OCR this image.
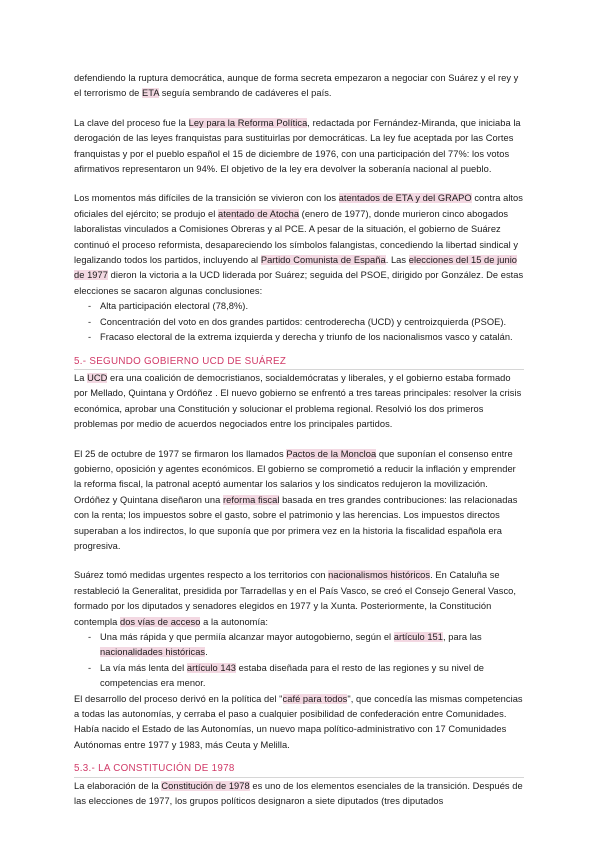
defendiendo la ruptura democrática, aunque de forma secreta empezaron a negociar con Suárez y el rey y el terrorismo de ETA seguía sembrando de cadáveres el país.

La clave del proceso fue la Ley para la Reforma Política, redactada por Fernández-Miranda, que iniciaba la derogación de las leyes franquistas para sustituirlas por democráticas. La ley fue aceptada por las Cortes franquistas y por el pueblo español el 15 de diciembre de 1976, con una participación del 77%: los votos afirmativos representaron un 94%. El objetivo de la ley era devolver la soberanía nacional al pueblo.

Los momentos más difíciles de la transición se vivieron con los atentados de ETA y del GRAPO contra altos oficiales del ejército; se produjo el atentado de Atocha (enero de 1977), donde murieron cinco abogados laboralistas vinculados a Comisiones Obreras y al PCE. A pesar de la situación, el gobierno de Suárez continuó el proceso reformista, desapareciendo los símbolos falangistas, concediendo la libertad sindical y legalizando todos los partidos, incluyendo al Partido Comunista de España. Las elecciones del 15 de junio de 1977 dieron la victoria a la UCD liderada por Suárez; seguida del PSOE, dirigido por González. De estas elecciones se sacaron algunas conclusiones:

- Alta participación electoral (78,8%).
- Concentración del voto en dos grandes partidos: centroderecha (UCD) y centroizquierda (PSOE).
- Fracaso electoral de la extrema izquierda y derecha y triunfo de los nacionalismos vasco y catalán.
5.- SEGUNDO GOBIERNO UCD DE SUÁREZ

La UCD era una coalición de democristianos, socialdemócratas y liberales, y el gobierno estaba formado por Mellado, Quintana y Ordóñez . El nuevo gobierno se enfrentó a tres tareas principales: resolver la crisis económica, aprobar una Constitución y solucionar el problema regional. Resolvió los dos primeros problemas por medio de acuerdos negociados entre los principales partidos.

El 25 de octubre de 1977 se firmaron los llamados Pactos de la Moncloa que suponían el consenso entre gobierno, oposición y agentes económicos. El gobierno se comprometió a reducir la inflación y emprender la reforma fiscal, la patronal aceptó aumentar los salarios y los sindicatos redujeron la movilización. Ordóñez y Quintana diseñaron una reforma fiscal basada en tres grandes contribuciones: las relacionadas con la renta; los impuestos sobre el gasto, sobre el patrimonio y las herencias. Los impuestos directos superaban a los indirectos, lo que suponía que por primera vez en la historia la fiscalidad española era progresiva.

Suárez tomó medidas urgentes respecto a los territorios con nacionalismos históricos. En Cataluña se restableció la Generalitat, presidida por Tarradellas y en el País Vasco, se creó el Consejo General Vasco, formado por los diputados y senadores elegidos en 1977 y la Xunta. Posteriormente, la Constitución contempla dos vías de acceso a la autonomía:

- Una más rápida y que permiía alcanzar mayor autogobierno, según el artículo 151, para las nacionalidades históricas.
- La vía más lenta del artículo 143 estaba diseñada para el resto de las regiones y su nivel de competencias era menor.

El desarrollo del proceso derivó en la política del "café para todos", que concedía las mismas competencias a todas las autonomías, y cerraba el paso a cualquier posibilidad de confederación entre Comunidades. Había nacido el Estado de las Autonomías, un nuevo mapa político-administrativo con 17 Comunidades Autónomas entre 1977 y 1983, más Ceuta y Melilla.

5.3.- LA CONSTITUCIÓN DE 1978

La elaboración de la Constitución de 1978 es uno de los elementos esenciales de la transición. Después de las elecciones de 1977, los grupos políticos designaron a siete diputados (tres diputados
